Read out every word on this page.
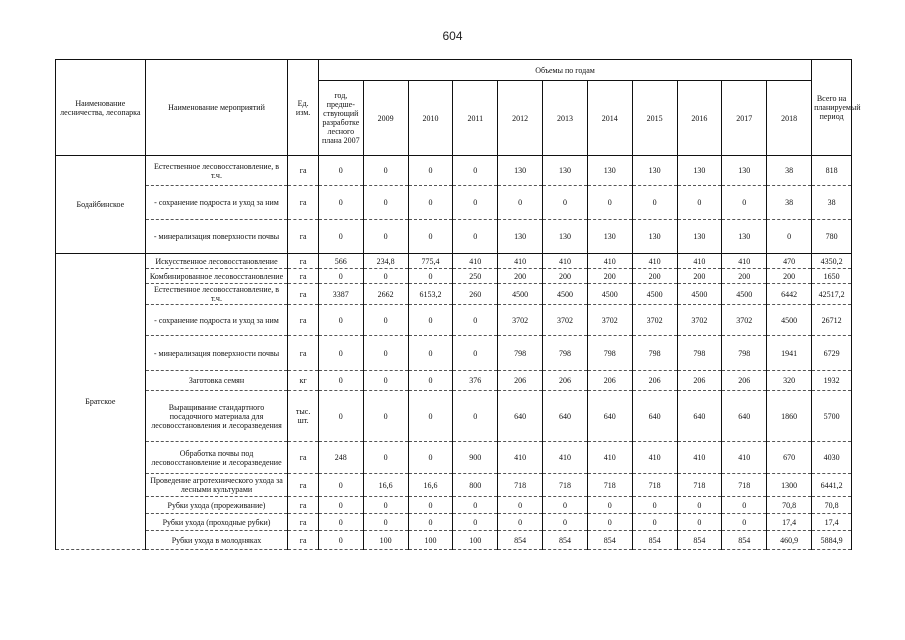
604
Наименование лесничества, лесопарка	Наименование мероприятий	Ед. изм.	Объемы по годам											Всего на планируемый период
			год, предше-ствующий разработке лесного плана 2007	2009	2010	2011	2012	2013	2014	2015	2016	2017	2018	
Бодайбинское	Естественное лесовосстановление, в т.ч.	га	0	0	0	0	130	130	130	130	130	130	38	818
	- сохранение подроста и уход за ним	га	0	0	0	0	0	0	0	0	0	0	38	38
	- минерализация поверхности почвы	га	0	0	0	0	130	130	130	130	130	130	0	780
Братское	Искусственное лесовосстановление	га	566	234,8	775,4	410	410	410	410	410	410	410	470	4350,2
	Комбинированное лесовосстановление	га	0	0	0	250	200	200	200	200	200	200	200	1650
	Естественное лесовосстановление, в т.ч.	га	3387	2662	6153,2	260	4500	4500	4500	4500	4500	4500	6442	42517,2
	- сохранение подроста и уход за ним	га	0	0	0	0	3702	3702	3702	3702	3702	3702	4500	26712
	- минерализация поверхности почвы	га	0	0	0	0	798	798	798	798	798	798	1941	6729
	Заготовка семян	кг	0	0	0	376	206	206	206	206	206	206	320	1932
	Выращивание стандартного посадочного материала для лесовосстановления и лесоразведения	тыс. шт.	0	0	0	0	640	640	640	640	640	640	1860	5700
	Обработка почвы под лесовосстановление и лесоразведение	га	248	0	0	900	410	410	410	410	410	410	670	4030
	Проведение агротехнического ухода за лесными культурами	га	0	16,6	16,6	800	718	718	718	718	718	718	1300	6441,2
	Рубки ухода (прореживание)	га	0	0	0	0	0	0	0	0	0	0	70,8	70,8
	Рубки ухода (проходные рубки)	га	0	0	0	0	0	0	0	0	0	0	17,4	17,4
	Рубки ухода в молодняках	га	0	100	100	100	854	854	854	854	854	854	460,9	5884,9
